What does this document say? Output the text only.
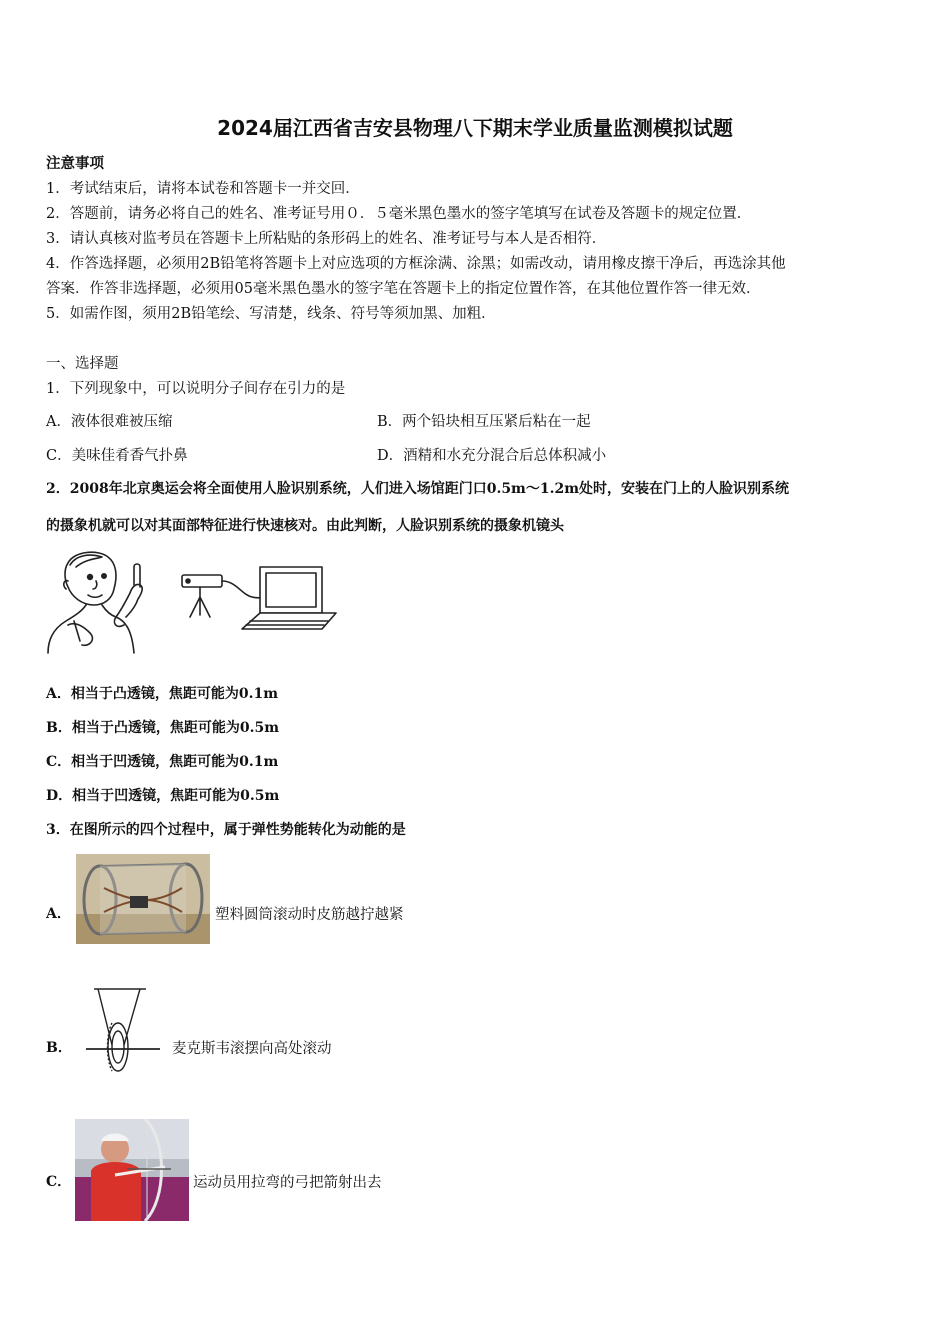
2024届江西省吉安县物理八下期末学业质量监测模拟试题
注意事项
1．考试结束后，请将本试卷和答题卡一并交回．
2．答题前，请务必将自己的姓名、准考证号用０．５毫米黑色墨水的签字笔填写在试卷及答题卡的规定位置．
3．请认真核对监考员在答题卡上所粘贴的条形码上的姓名、准考证号与本人是否相符．
4．作答选择题，必须用2B铅笔将答题卡上对应选项的方框涂满、涂黑；如需改动，请用橡皮擦干净后，再选涂其他
答案．作答非选择题，必须用05毫米黑色墨水的签字笔在答题卡上的指定位置作答，在其他位置作答一律无效．
5．如需作图，须用2B铅笔绘、写清楚，线条、符号等须加黑、加粗．
一、选择题
1．下列现象中，可以说明分子间存在引力的是
A．液体很难被压缩	B．两个铅块相互压紧后粘在一起
C．美味佳肴香气扑鼻	D．酒精和水充分混合后总体积减小
2．2008年北京奥运会将全面使用人脸识别系统，人们进入场馆距门口0.5m～1.2m处时，安装在门上的人脸识别系统
的摄象机就可以对其面部特征进行快速核对。由此判断，人脸识别系统的摄象机镜头
A．相当于凸透镜，焦距可能为0.1m
B．相当于凸透镜，焦距可能为0.5m
C．相当于凹透镜，焦距可能为0.1m
D．相当于凹透镜，焦距可能为0.5m
3．在图所示的四个过程中，属于弹性势能转化为动能的是
A．	塑料圆筒滚动时皮筋越拧越紧
B．	麦克斯韦滚摆向高处滚动
C．	运动员用拉弯的弓把箭射出去
